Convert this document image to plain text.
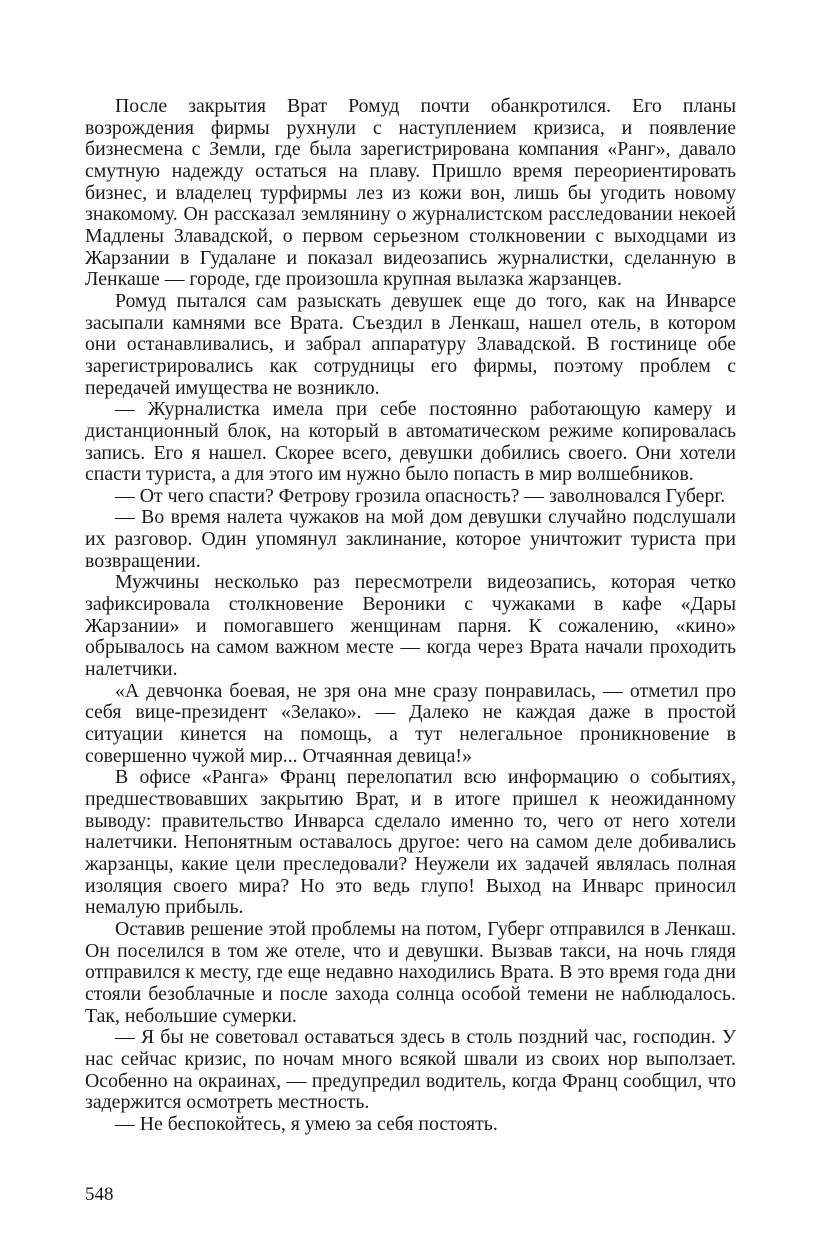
После закрытия Врат Ромуд почти обанкротился. Его планы возрождения фирмы рухнули с наступлением кризиса, и появление бизнесмена с Земли, где была зарегистрирована компания «Ранг», давало смутную надежду остаться на плаву. Пришло время переориентировать бизнес, и владелец турфирмы лез из кожи вон, лишь бы угодить новому знакомому. Он рассказал землянину о журналистском расследовании некоей Мадлены Злавадской, о первом серьезном столкновении с выходцами из Жарзании в Гудалане и показал видеозапись журналистки, сделанную в Ленкаше — городе, где произошла крупная вылазка жарзанцев.

Ромуд пытался сам разыскать девушек еще до того, как на Инварсе засыпали камнями все Врата. Съездил в Ленкаш, нашел отель, в котором они останавливались, и забрал аппаратуру Злавадской. В гостинице обе зарегистрировались как сотрудницы его фирмы, поэтому проблем с передачей имущества не возникло.

— Журналистка имела при себе постоянно работающую камеру и дистанционный блок, на который в автоматическом режиме копировалась запись. Его я нашел. Скорее всего, девушки добились своего. Они хотели спасти туриста, а для этого им нужно было попасть в мир волшебников.

— От чего спасти? Фетрову грозила опасность? — заволновался Губерг.

— Во время налета чужаков на мой дом девушки случайно подслушали их разговор. Один упомянул заклинание, которое уничтожит туриста при возвращении.

Мужчины несколько раз пересмотрели видеозапись, которая четко зафиксировала столкновение Вероники с чужаками в кафе «Дары Жарзании» и помогавшего женщинам парня. К сожалению, «кино» обрывалось на самом важном месте — когда через Врата начали проходить налетчики.

«А девчонка боевая, не зря она мне сразу понравилась, — отметил про себя вице-президент «Зелако». — Далеко не каждая даже в простой ситуации кинется на помощь, а тут нелегальное проникновение в совершенно чужой мир... Отчаянная девица!»

В офисе «Ранга» Франц перелопатил всю информацию о событиях, предшествовавших закрытию Врат, и в итоге пришел к неожиданному выводу: правительство Инварса сделало именно то, чего от него хотели налетчики. Непонятным оставалось другое: чего на самом деле добивались жарзанцы, какие цели преследовали? Неужели их задачей являлась полная изоляция своего мира? Но это ведь глупо! Выход на Инварс приносил немалую прибыль.

Оставив решение этой проблемы на потом, Губерг отправился в Ленкаш. Он поселился в том же отеле, что и девушки. Вызвав такси, на ночь глядя отправился к месту, где еще недавно находились Врата. В это время года дни стояли безоблачные и после захода солнца особой темени не наблюдалось. Так, небольшие сумерки.

— Я бы не советовал оставаться здесь в столь поздний час, господин. У нас сейчас кризис, по ночам много всякой швали из своих нор выползает. Особенно на окраинах, — предупредил водитель, когда Франц сообщил, что задержится осмотреть местность.

— Не беспокойтесь, я умею за себя постоять.

548
